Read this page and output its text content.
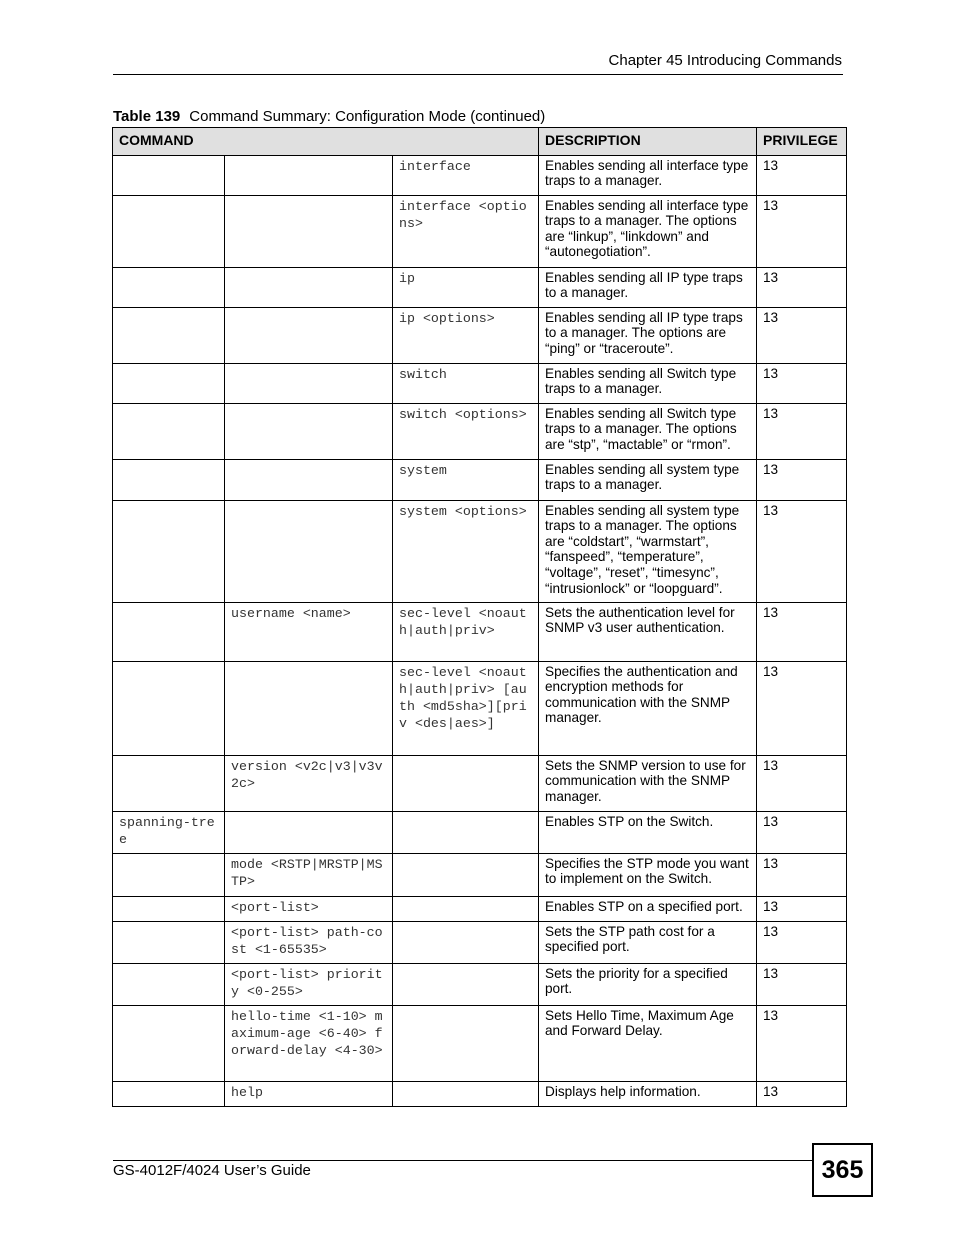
Chapter 45 Introducing Commands
Table 139 Command Summary: Configuration Mode (continued)
COMMAND			DESCRIPTION	PRIVILEGE
		interface	Enables sending all interface type traps to a manager.	13
		interface <options>	Enables sending all interface type traps to a manager. The options are “linkup”, “linkdown” and “autonegotiation”.	13
		ip	Enables sending all IP type traps to a manager.	13
		ip <options>	Enables sending all IP type traps to a manager. The options are “ping” or “traceroute”.	13
		switch	Enables sending all Switch type traps to a manager.	13
		switch <options>	Enables sending all Switch type traps to a manager. The options are “stp”, “mactable” or “rmon”.	13
		system	Enables sending all system type traps to a manager.	13
		system <options>	Enables sending all system type traps to a manager. The options are “coldstart”, “warmstart”, “fanspeed”, “temperature”, “voltage”, “reset”, “timesync”, “intrusionlock” or “loopguard”.	13
	username <name>	sec-level <noauth|auth|priv>	Sets the authentication level for SNMP v3 user authentication.	13
		sec-level <noauth|auth|priv> [auth <md5sha>][priv <des|aes>]	Specifies the authentication and encryption methods for communication with the SNMP manager.	13
	version <v2c|v3|v3v2c>		Sets the SNMP version to use for communication with the SNMP manager.	13
spanning-tree			Enables STP on the Switch.	13
	mode <RSTP|MRSTP|MSTP>		Specifies the STP mode you want to implement on the Switch.	13
	<port-list>		Enables STP on a specified port.	13
	<port-list> path-cost <1-65535>		Sets the STP path cost for a specified port.	13
	<port-list> priority <0-255>		Sets the priority for a specified port.	13
	hello-time <1-10> maximum-age <6-40> forward-delay <4-30>		Sets Hello Time, Maximum Age and Forward Delay.	13
	help		Displays help information.	13
GS-4012F/4024 User’s Guide	365
